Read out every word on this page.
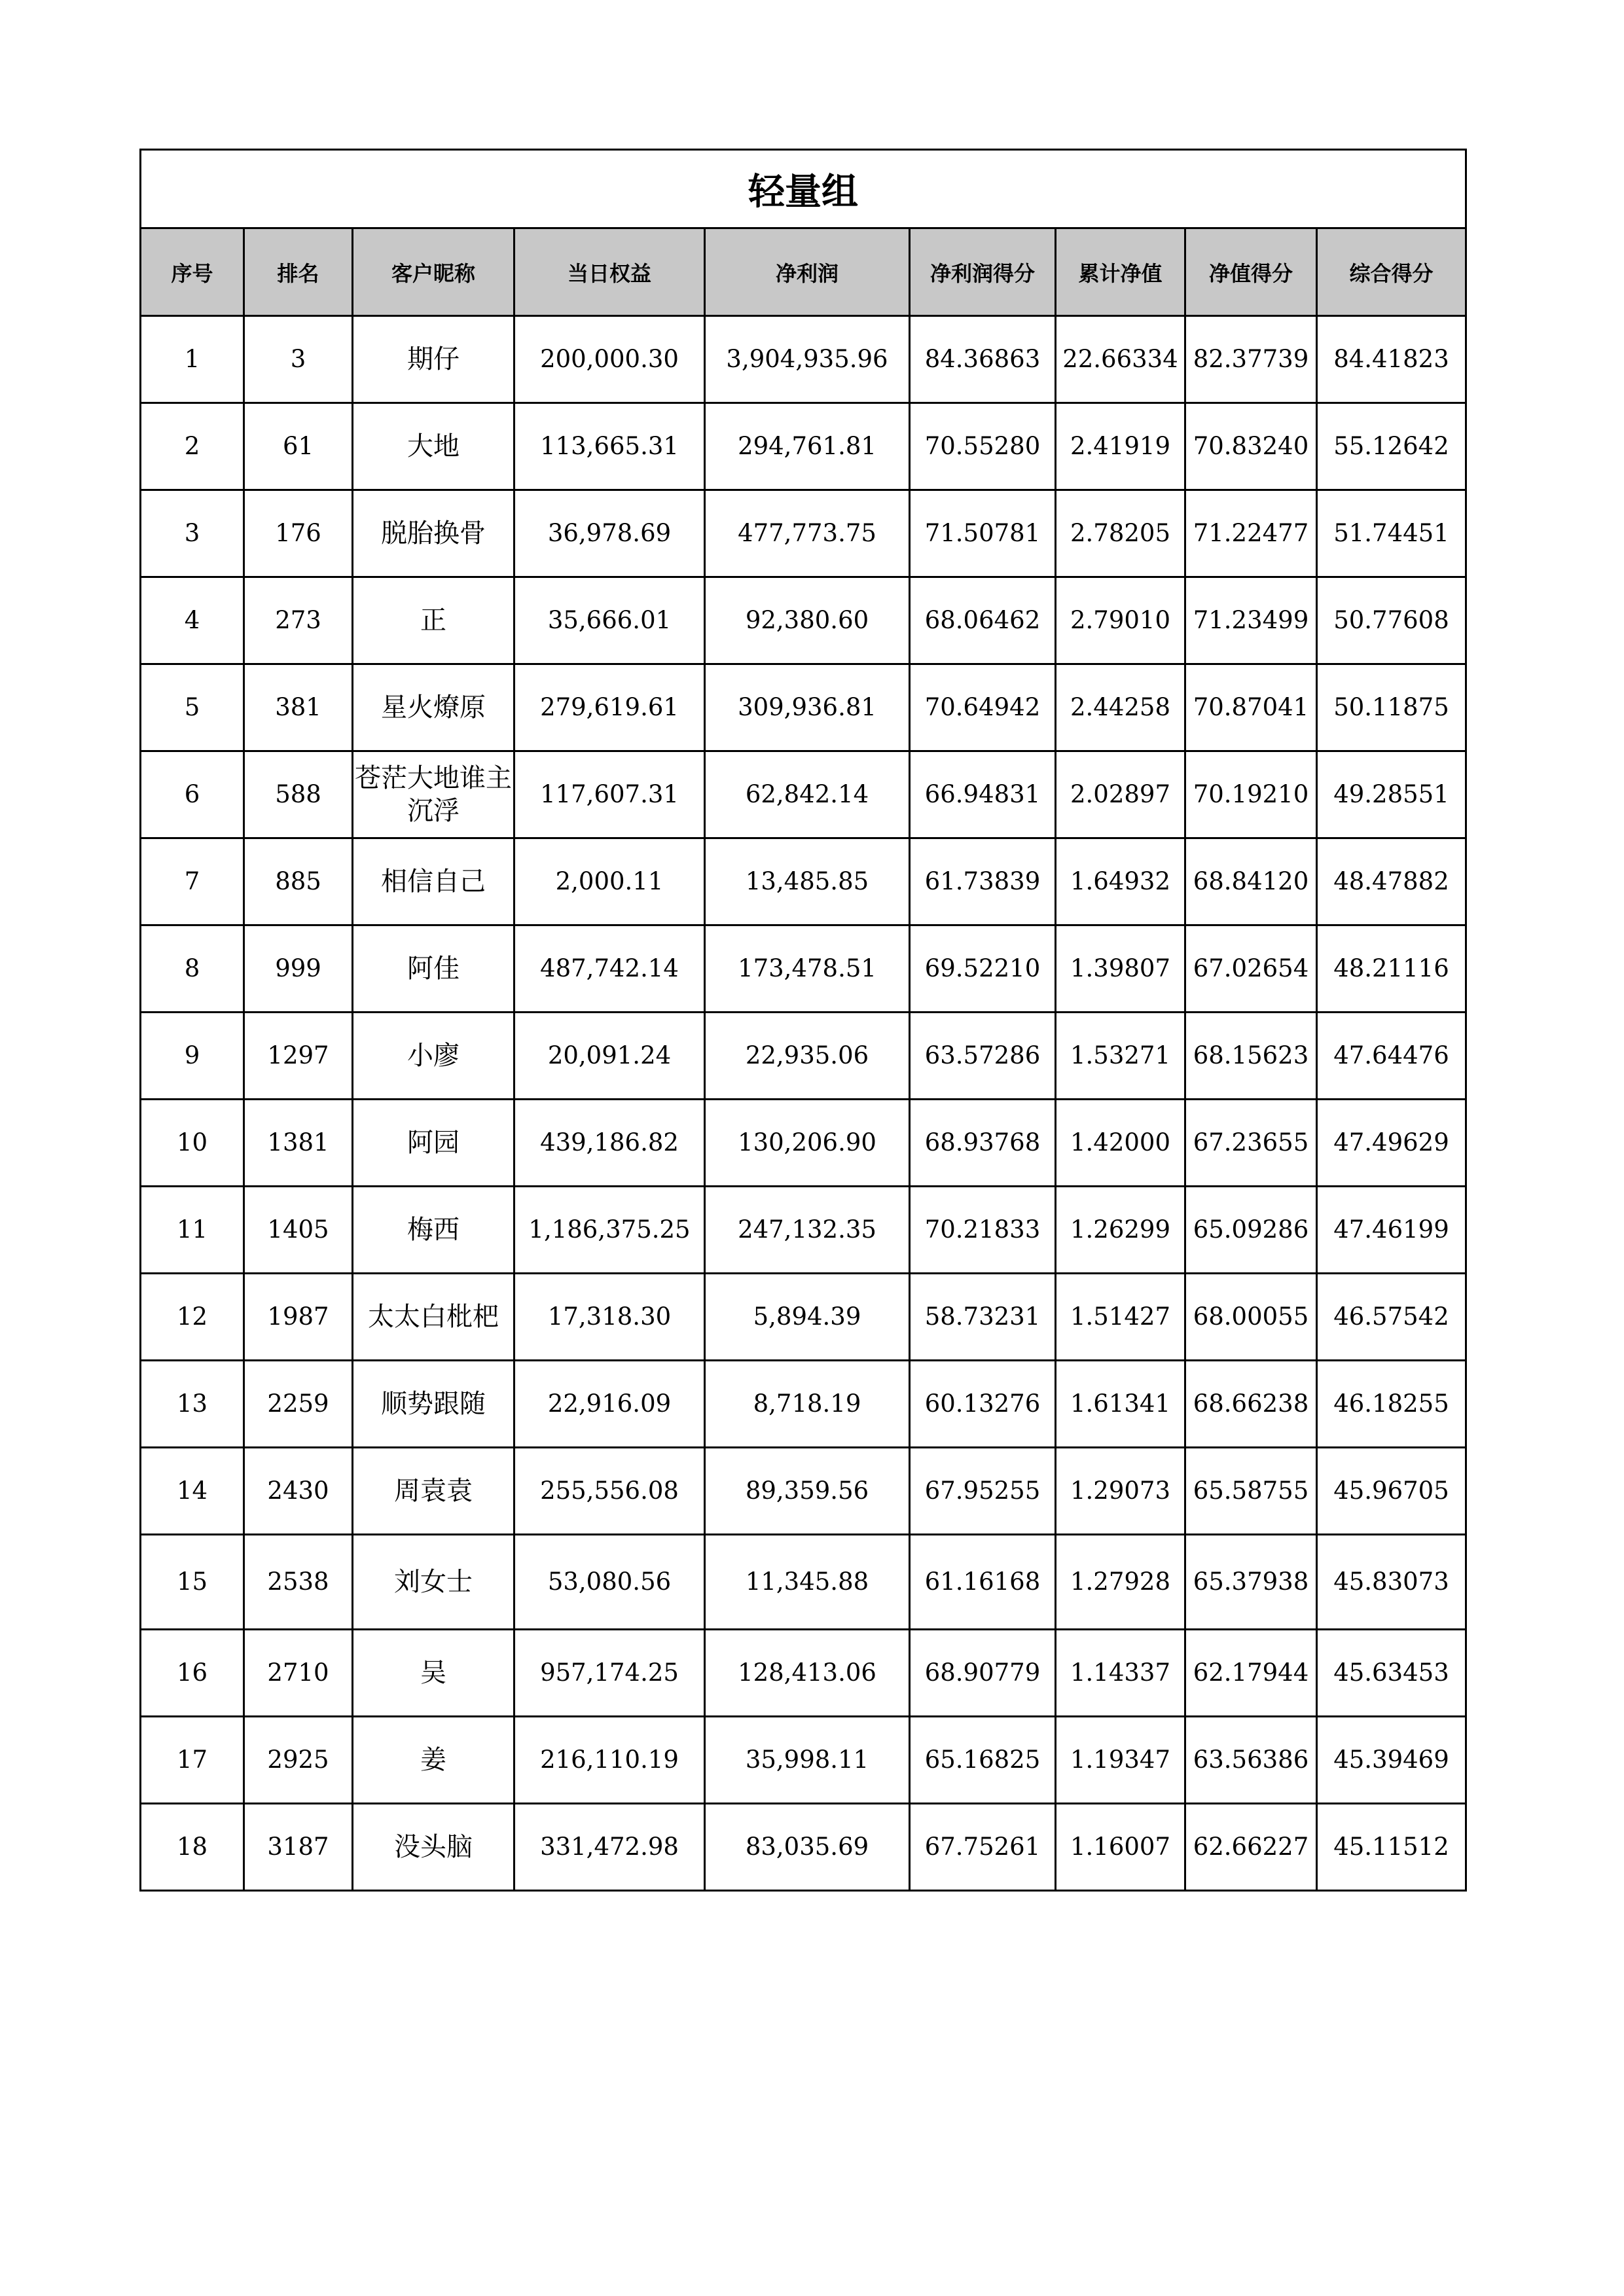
轻量组								
序号	排名	客户昵称	当日权益	净利润	净利润得分	累计净值	净值得分	综合得分
1	3	期仔	200,000.30	3,904,935.96	84.36863	22.66334	82.37739	84.41823
2	61	大地	113,665.31	294,761.81	70.55280	2.41919	70.83240	55.12642
3	176	脱胎换骨	36,978.69	477,773.75	71.50781	2.78205	71.22477	51.74451
4	273	正	35,666.01	92,380.60	68.06462	2.79010	71.23499	50.77608
5	381	星火燎原	279,619.61	309,936.81	70.64942	2.44258	70.87041	50.11875
6	588	苍茫大地谁主沉浮	117,607.31	62,842.14	66.94831	2.02897	70.19210	49.28551
7	885	相信自己	2,000.11	13,485.85	61.73839	1.64932	68.84120	48.47882
8	999	阿佳	487,742.14	173,478.51	69.52210	1.39807	67.02654	48.21116
9	1297	小廖	20,091.24	22,935.06	63.57286	1.53271	68.15623	47.64476
10	1381	阿园	439,186.82	130,206.90	68.93768	1.42000	67.23655	47.49629
11	1405	梅西	1,186,375.25	247,132.35	70.21833	1.26299	65.09286	47.46199
12	1987	太太白枇杷	17,318.30	5,894.39	58.73231	1.51427	68.00055	46.57542
13	2259	顺势跟随	22,916.09	8,718.19	60.13276	1.61341	68.66238	46.18255
14	2430	周袁袁	255,556.08	89,359.56	67.95255	1.29073	65.58755	45.96705
15	2538	刘女士	53,080.56	11,345.88	61.16168	1.27928	65.37938	45.83073
16	2710	吴	957,174.25	128,413.06	68.90779	1.14337	62.17944	45.63453
17	2925	姜	216,110.19	35,998.11	65.16825	1.19347	63.56386	45.39469
18	3187	没头脑	331,472.98	83,035.69	67.75261	1.16007	62.66227	45.11512
